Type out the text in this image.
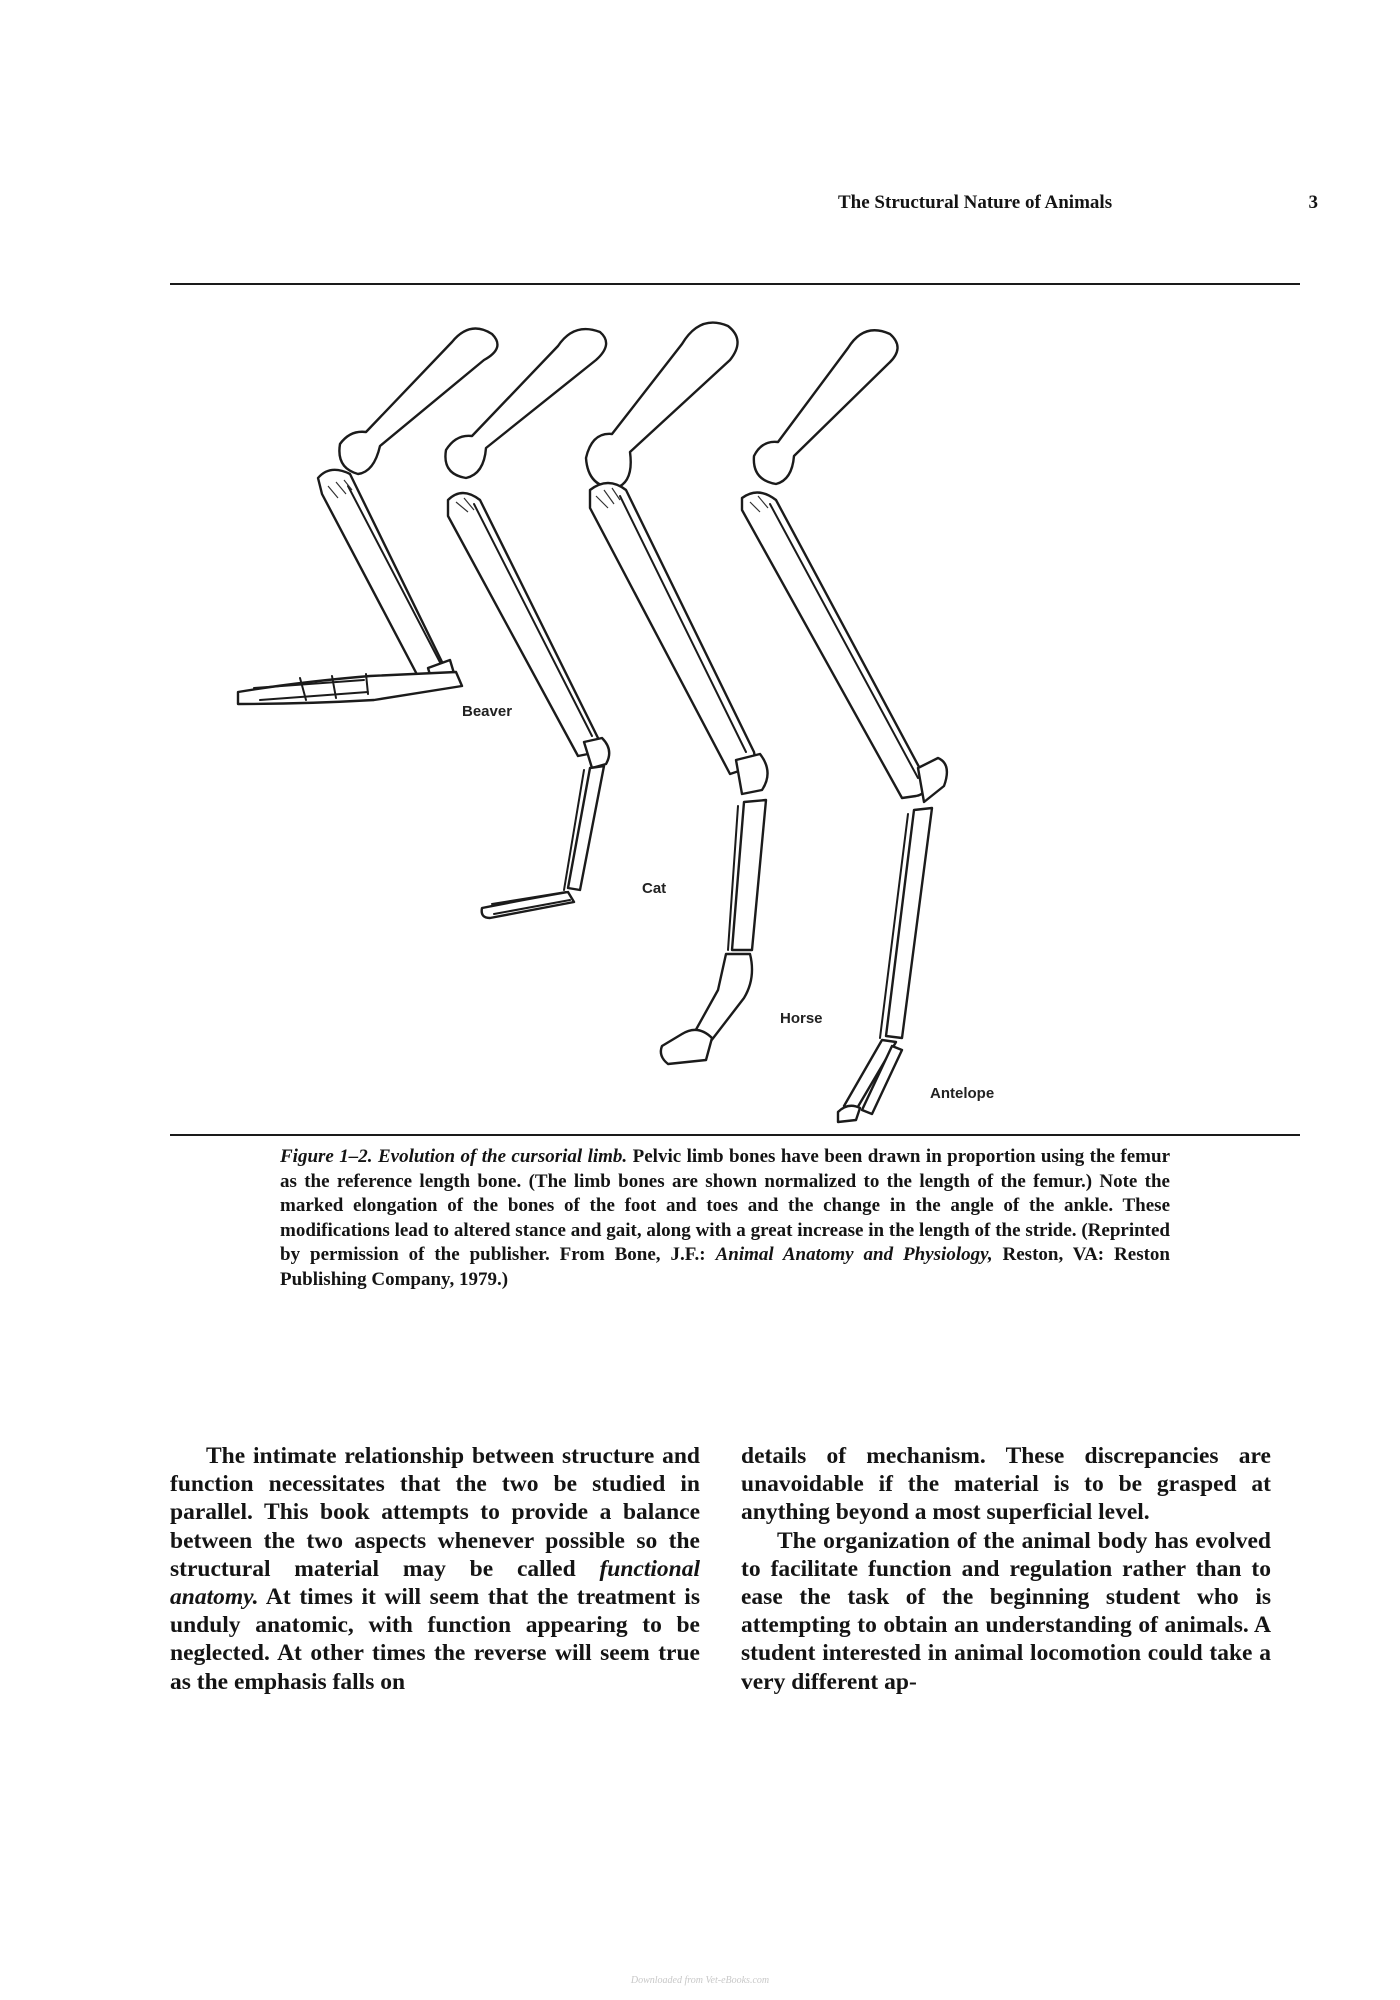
The Structural Nature of Animals	3
Beaver
Cat
Horse
Antelope
Figure 1–2. Evolution of the cursorial limb. Pelvic limb bones have been drawn in proportion using the femur as the reference length bone. (The limb bones are shown normalized to the length of the femur.) Note the marked elongation of the bones of the foot and toes and the change in the angle of the ankle. These modifications lead to altered stance and gait, along with a great increase in the length of the stride. (Reprinted by permission of the publisher. From Bone, J.F.: Animal Anatomy and Physiology, Reston, VA: Reston Publishing Company, 1979.)

The intimate relationship between structure and function necessitates that the two be studied in parallel. This book attempts to provide a balance between the two aspects whenever possible so the structural material may be called functional anatomy. At times it will seem that the treatment is unduly anatomic, with function appearing to be neglected. At other times the reverse will seem true as the emphasis falls on

details of mechanism. These discrepancies are unavoidable if the material is to be grasped at anything beyond a most superficial level.

The organization of the animal body has evolved to facilitate function and regulation rather than to ease the task of the beginning student who is attempting to obtain an understanding of animals. A student interested in animal locomotion could take a very different ap-

Downloaded from Vet-eBooks.com
